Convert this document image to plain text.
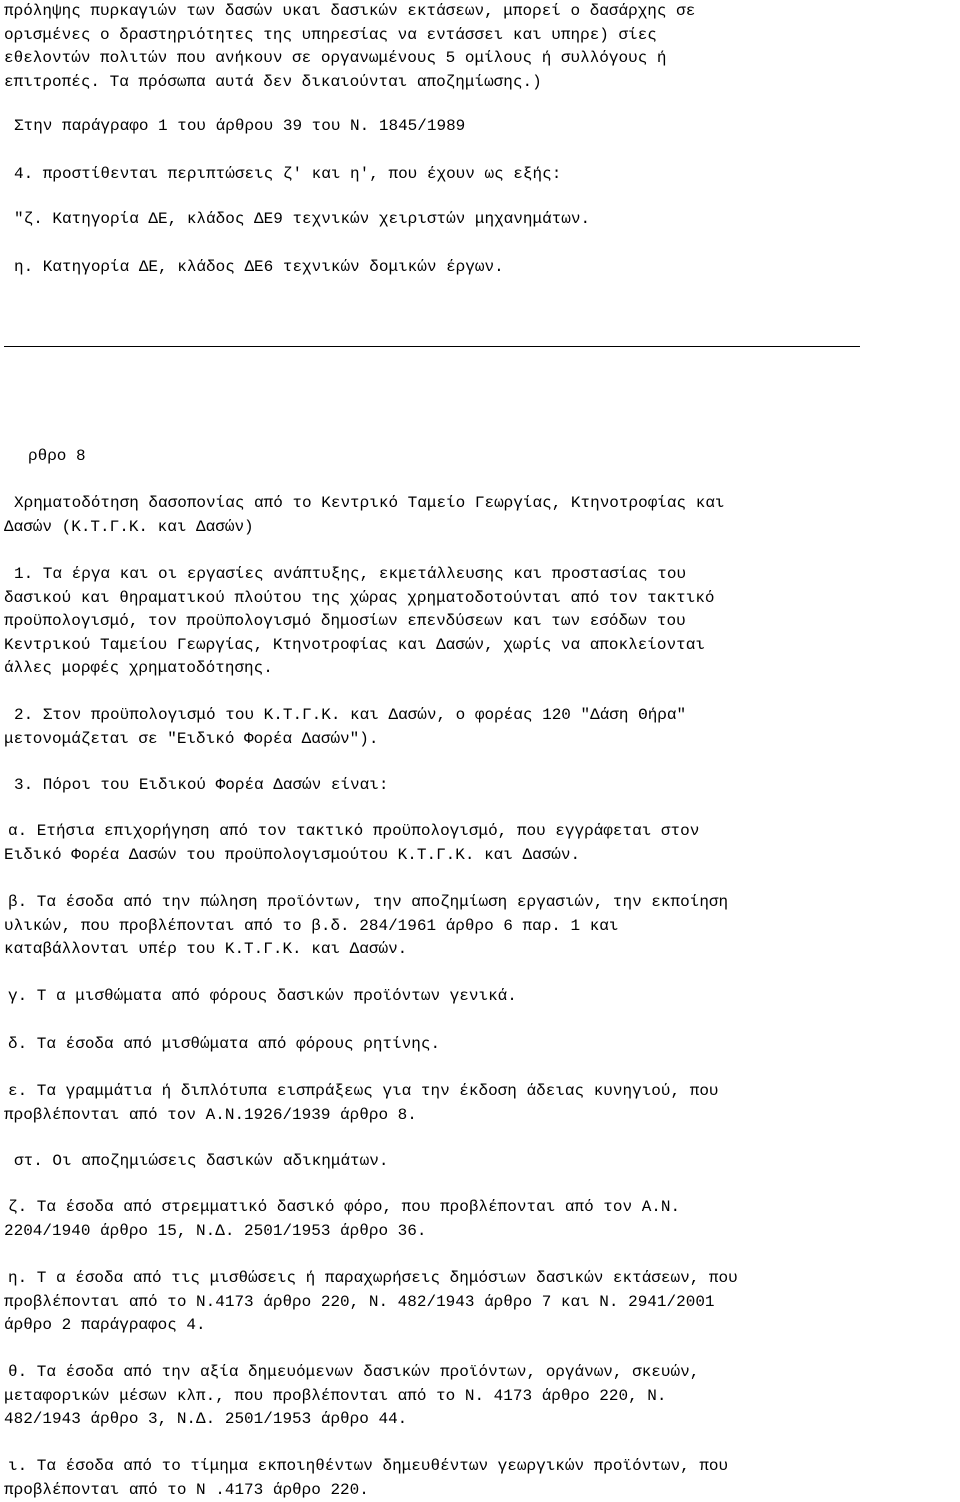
πρόληψης πυρκαγιών των δασών υκαι δασικών εκτάσεων, μπορεί ο δασάρχης σε
ορισμένες ο δραστηριότητες της υπηρεσίας να εντάσσει και υπηρε) σίες
εθελοντών πολιτών που ανήκουν σε οργανωμένους 5 ομίλους ή συλλόγους ή
επιτροπές. Τα πρόσωπα αυτά δεν δικαιούνται αποζημίωσης.)
Στην παράγραφο 1 του άρθρου 39 του Ν. 1845/1989
4. προστίθενται περιπτώσεις ζ' και η', που έχουν ως εξής:
"ζ. Κατηγορία ΔΕ, κλάδος ΔΕ9 τεχνικών χειριστών μηχανημάτων.
η. Κατηγορία ΔΕ, κλάδος ΔΕ6 τεχνικών δομικών έργων.
ρθρο 8
Χρηματοδότηση δασοπονίας από το Κεντρικό Ταμείο Γεωργίας, Κτηνοτροφίας και
Δασών (Κ.Τ.Γ.Κ. και Δασών)
1. Τα έργα και οι εργασίες ανάπτυξης, εκμετάλλευσης και προστασίας του
δασικού και θηραματικού πλούτου της χώρας χρηματοδοτούνται από τον τακτικό
προϋπολογισμό, τον προϋπολογισμό δημοσίων επενδύσεων και των εσόδων του
Κεντρικού Ταμείου Γεωργίας, Κτηνοτροφίας και Δασών, χωρίς να αποκλείονται
άλλες μορφές χρηματοδότησης.
2. Στον προϋπολογισμό του Κ.Τ.Γ.Κ. και Δασών, ο φορέας 120 "Δάση Θήρα"
μετονομάζεται σε "Ειδικό Φορέα Δασών").
3. Πόροι του Ειδικού Φορέα Δασών είναι:
α. Ετήσια επιχορήγηση από τον τακτικό προϋπολογισμό, που εγγράφεται στον
Ειδικό Φορέα Δασών του προϋπολογισμούτου Κ.Τ.Γ.Κ. και Δασών.
β. Τα έσοδα από την πώληση προϊόντων, την αποζημίωση εργασιών, την εκποίηση
υλικών, που προβλέπονται από το β.δ. 284/1961 άρθρο 6 παρ. 1 και
καταβάλλονται υπέρ του Κ.Τ.Γ.Κ. και Δασών.
γ. Τ α μισθώματα από φόρους δασικών προϊόντων γενικά.
δ. Τα έσοδα από μισθώματα από φόρους ρητίνης.
ε. Τα γραμμάτια ή διπλότυπα εισπράξεως για την έκδοση άδειας κυνηγιού, που
προβλέπονται από τον Α.Ν.1926/1939 άρθρο 8.
στ. Οι αποζημιώσεις δασικών αδικημάτων.
ζ. Τα έσοδα από στρεμματικό δασικό φόρο, που προβλέπονται από τον Α.Ν.
2204/1940 άρθρο 15, Ν.Δ. 2501/1953 άρθρο 36.
η. Τ α έσοδα από τις μισθώσεις ή παραχωρήσεις δημόσιων δασικών εκτάσεων, που
προβλέπονται από το Ν.4173 άρθρο 220, Ν. 482/1943 άρθρο 7 και Ν. 2941/2001
άρθρο 2 παράγραφος 4.
θ. Τα έσοδα από την αξία δημευόμενων δασικών προϊόντων, οργάνων, σκευών,
μεταφορικών μέσων κλπ., που προβλέπονται από το Ν. 4173 άρθρο 220, Ν.
482/1943 άρθρο 3, Ν.Δ. 2501/1953 άρθρο 44.
ι. Τα έσοδα από το τίμημα εκποιηθέντων δημευθέντων γεωργικών προϊόντων, που
προβλέπονται από το Ν .4173 άρθρο 220.
